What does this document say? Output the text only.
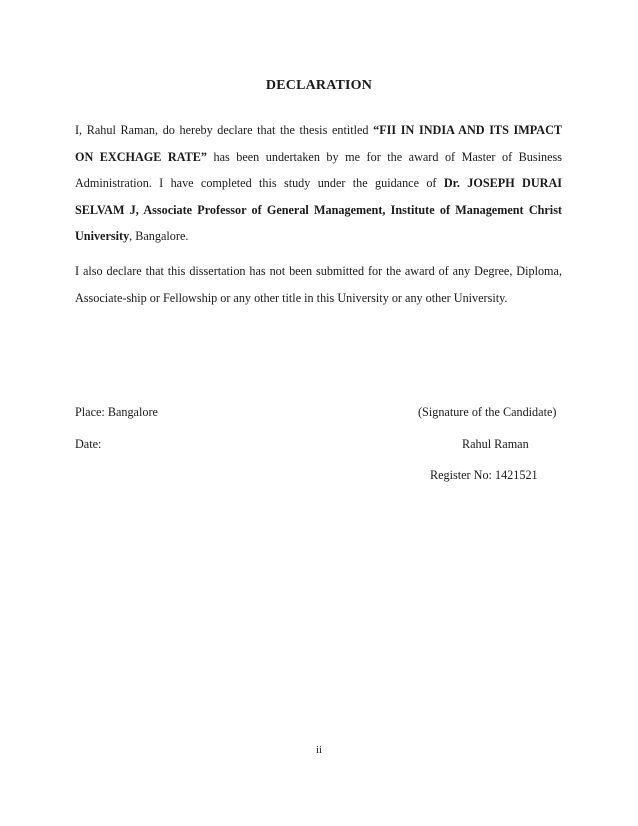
DECLARATION
I, Rahul Raman, do hereby declare that the thesis entitled “FII IN INDIA AND ITS IMPACT
ON EXCHAGE RATE” has been undertaken by me for the award of Master of Business
Administration. I have completed this study under the guidance of Dr. JOSEPH DURAI
SELVAM J, Associate Professor of General Management, Institute of Management Christ
University, Bangalore.
I also declare that this dissertation has not been submitted for the award of any Degree, Diploma,
Associate-ship or Fellowship or any other title in this University or any other University.
Place: Bangalore	(Signature of the Candidate)
Date:	Rahul Raman
Register No: 1421521
ii
